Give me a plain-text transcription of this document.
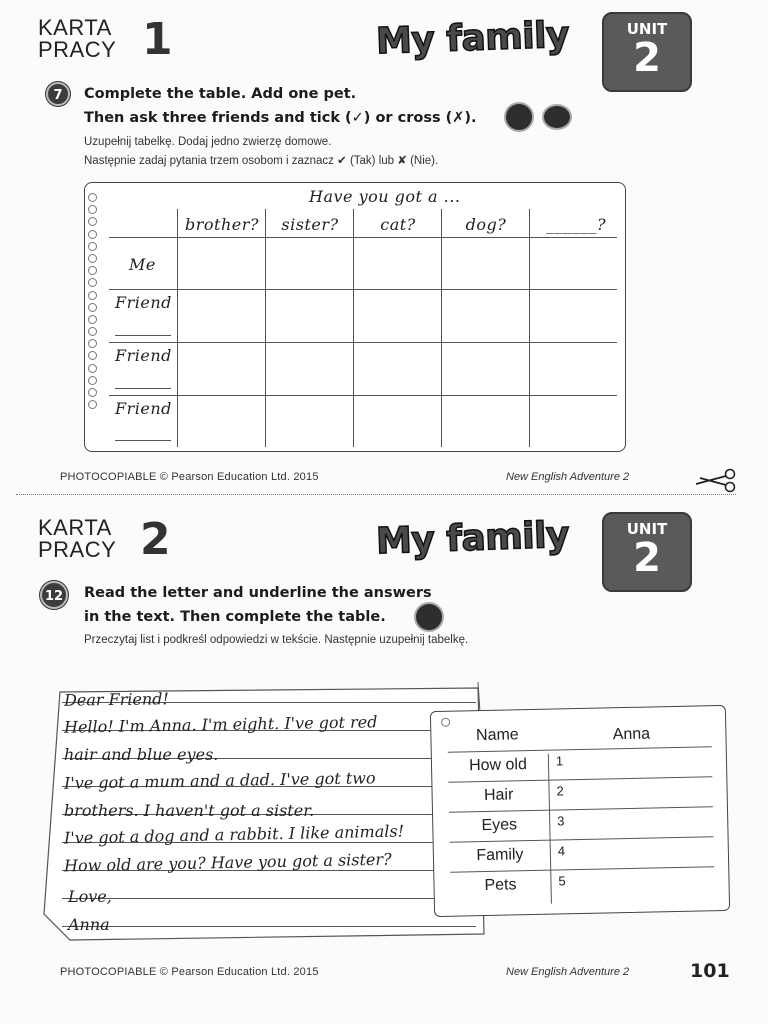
KARTA
PRACY 1	My family	UNIT
2
7	Complete the table. Add one pet.
Then ask three friends and tick (✓) or cross (✗).
Uzupełnij tabelkę. Dodaj jedno zwierzę domowe.
Następnie zadaj pytania trzem osobom i zaznacz ✔ (Tak) lub ✘ (Nie).
Have you got a ...
brother?	sister?	cat?	dog?	______?
Me
Friend
Friend
Friend
PHOTOCOPIABLE © Pearson Education Ltd. 2015	New English Adventure 2
KARTA
PRACY 2	My family	UNIT
2
12	Read the letter and underline the answers
in the text. Then complete the table.
Przeczytaj list i podkreśl odpowiedzi w tekście. Następnie uzupełnij tabelkę.
Dear Friend!
Hello! I'm Anna. I'm eight. I've got red
hair and blue eyes.
I've got a mum and a dad. I've got two
brothers. I haven't got a sister.
I've got a dog and a rabbit. I like animals!
How old are you? Have you got a sister?
Love,
Anna
Name	Anna
How old	1
Hair	2
Eyes	3
Family	4
Pets	5
PHOTOCOPIABLE © Pearson Education Ltd. 2015	New English Adventure 2	101
